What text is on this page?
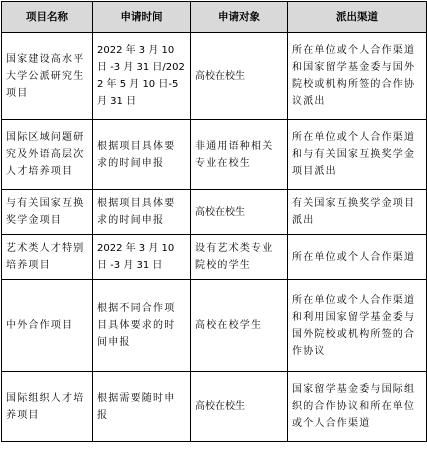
项目名称	申请时间	申请对象	派出渠道
国家建设高水平大学公派研究生项目	2022 年 3 月 10 日 -3 月 31 日/2022 年 5 月 10 日-5 月 31 日	高校在校生	所在单位或个人合作渠道和国家留学基金委与国外院校或机构所签的合作协议派出
国际区域问题研究及外语高层次人才培养项目	根据项目具体要求的时间申报	非通用语种相关专业在校生	所在单位或个人合作渠道和与有关国家互换奖学金项目派出
与有关国家互换奖学金项目	根据项目具体要求的时间申报	高校在校生	有关国家互换奖学金项目派出
艺术类人才特别培养项目	2022 年 3 月 10 日 -3 月 31 日	设有艺术类专业院校的学生	所在单位或个人合作渠道
中外合作项目	根据不同合作项目具体要求的时间申报	高校在校学生	所在单位或个人合作渠道和利用国家留学基金委与国外院校或机构所签的合作协议
国际组织人才培养项目	根据需要随时申报	高校在校生	国家留学基金委与国际组织的合作协议和所在单位或个人合作渠道
